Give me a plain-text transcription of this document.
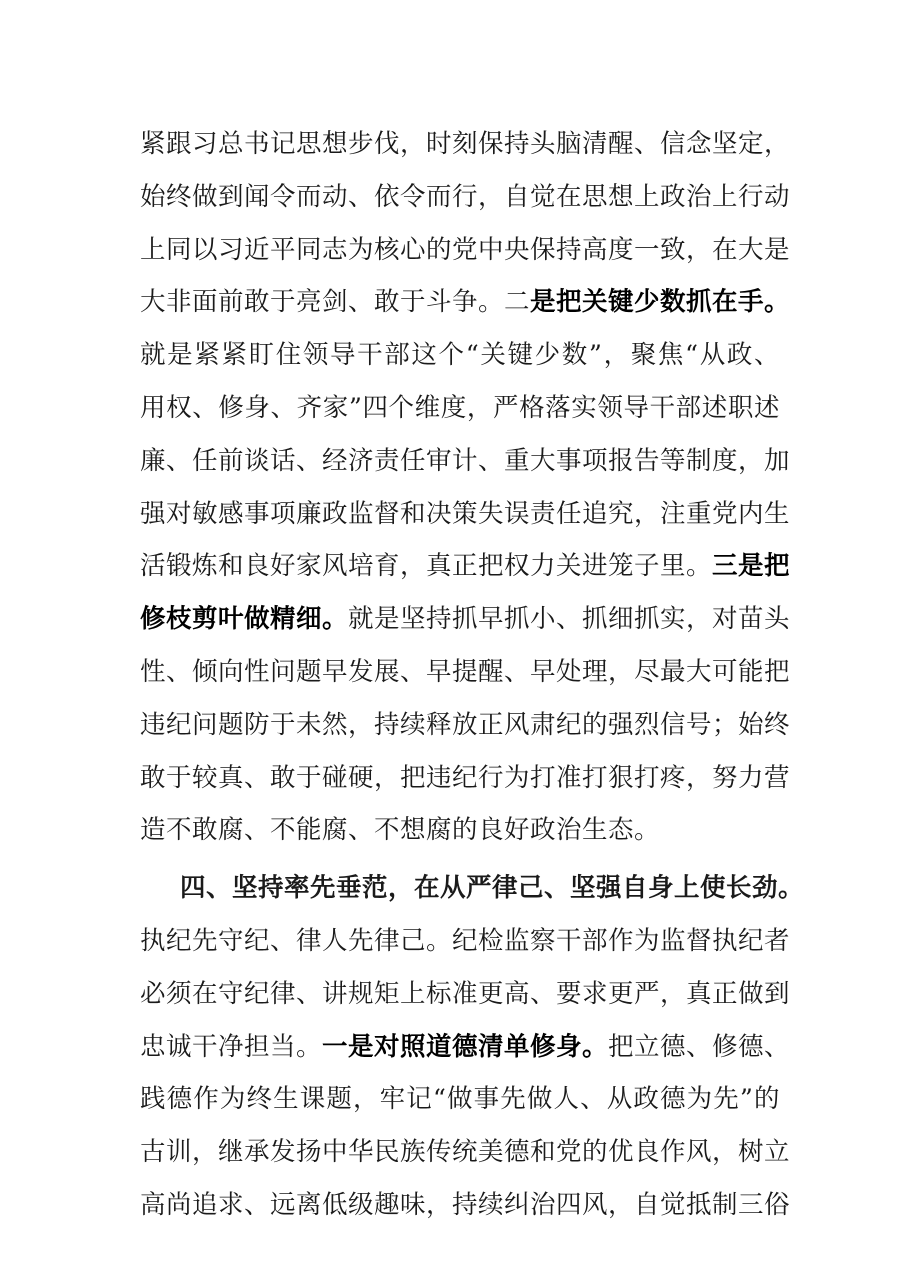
紧跟习总书记思想步伐，时刻保持头脑清醒、信念坚定，
始终做到闻令而动、依令而行，自觉在思想上政治上行动
上同以习近平同志为核心的党中央保持高度一致，在大是
大非面前敢于亮剑、敢于斗争。二是把关键少数抓在手。
就是紧紧盯住领导干部这个“关键少数”，聚焦“从政、
用权、修身、齐家”四个维度，严格落实领导干部述职述
廉、任前谈话、经济责任审计、重大事项报告等制度，加
强对敏感事项廉政监督和决策失误责任追究，注重党内生
活锻炼和良好家风培育，真正把权力关进笼子里。三是把
修枝剪叶做精细。就是坚持抓早抓小、抓细抓实，对苗头
性、倾向性问题早发展、早提醒、早处理，尽最大可能把
违纪问题防于未然，持续释放正风肃纪的强烈信号；始终
敢于较真、敢于碰硬，把违纪行为打准打狠打疼，努力营
造不敢腐、不能腐、不想腐的良好政治生态。
四、坚持率先垂范，在从严律己、坚强自身上使长劲。
执纪先守纪、律人先律己。纪检监察干部作为监督执纪者
必须在守纪律、讲规矩上标准更高、要求更严，真正做到
忠诚干净担当。一是对照道德清单修身。把立德、修德、
践德作为终生课题，牢记“做事先做人、从政德为先”的
古训，继承发扬中华民族传统美德和党的优良作风，树立
高尚追求、远离低级趣味，持续纠治四风，自觉抵制三俗
